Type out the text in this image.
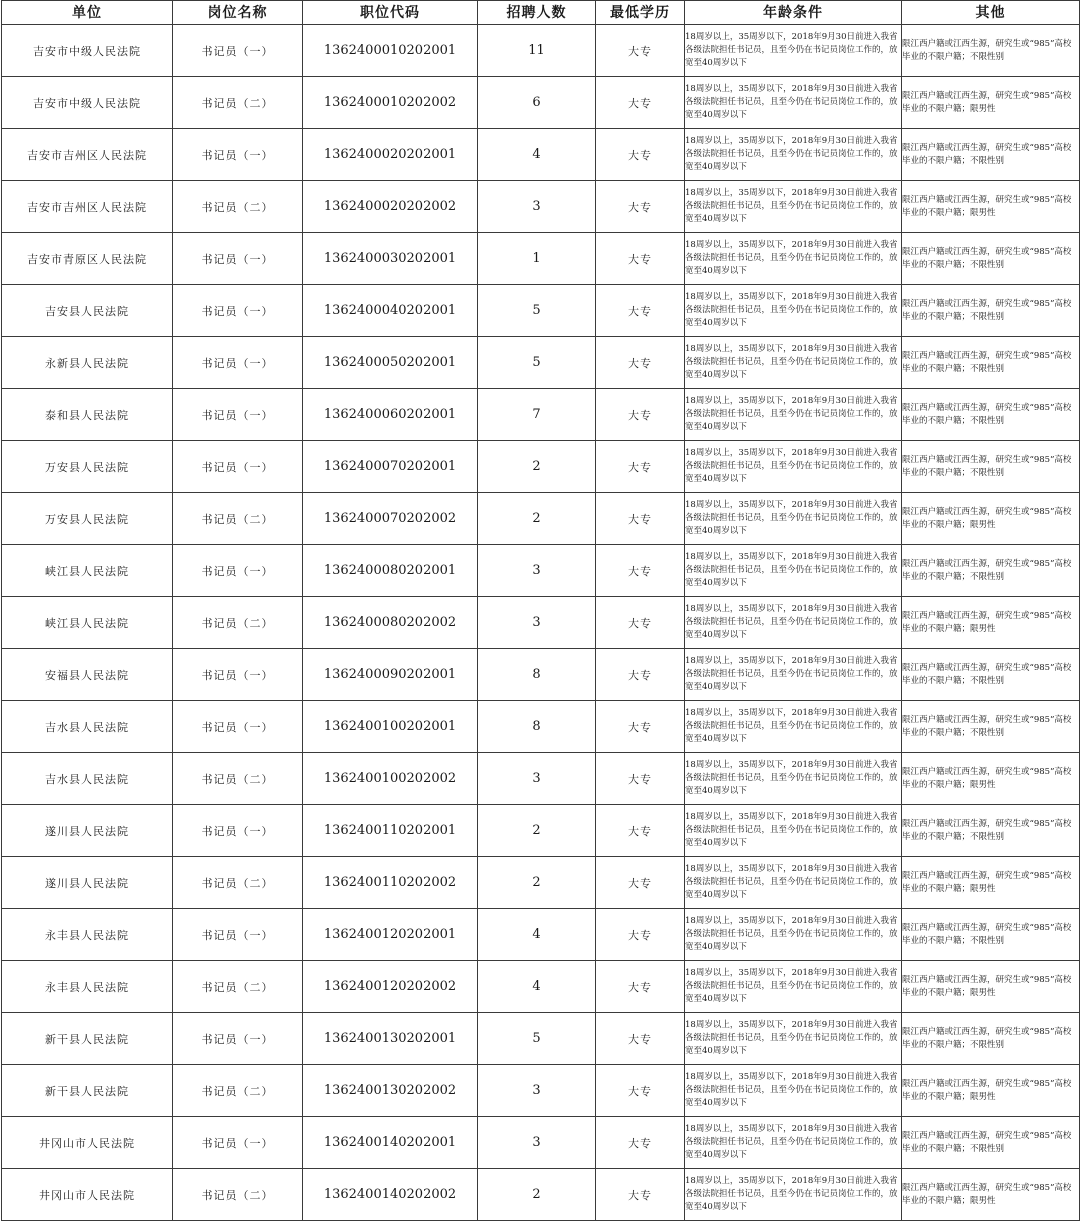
单位	岗位名称	职位代码	招聘人数	最低学历	年龄条件	其他
吉安市中级人民法院	书记员（一）	1362400010202001	11	大专	18周岁以上，35周岁以下，2018年9月30日前进入我省各级法院担任书记员，且至今仍在书记员岗位工作的，放宽至40周岁以下	限江西户籍或江西生源，研究生或“985”高校毕业的不限户籍；不限性别
吉安市中级人民法院	书记员（二）	1362400010202002	6	大专	18周岁以上，35周岁以下，2018年9月30日前进入我省各级法院担任书记员，且至今仍在书记员岗位工作的，放宽至40周岁以下	限江西户籍或江西生源，研究生或“985”高校毕业的不限户籍；限男性
吉安市吉州区人民法院	书记员（一）	1362400020202001	4	大专	18周岁以上，35周岁以下，2018年9月30日前进入我省各级法院担任书记员，且至今仍在书记员岗位工作的，放宽至40周岁以下	限江西户籍或江西生源，研究生或“985”高校毕业的不限户籍；不限性别
吉安市吉州区人民法院	书记员（二）	1362400020202002	3	大专	18周岁以上，35周岁以下，2018年9月30日前进入我省各级法院担任书记员，且至今仍在书记员岗位工作的，放宽至40周岁以下	限江西户籍或江西生源，研究生或“985”高校毕业的不限户籍；限男性
吉安市青原区人民法院	书记员（一）	1362400030202001	1	大专	18周岁以上，35周岁以下，2018年9月30日前进入我省各级法院担任书记员，且至今仍在书记员岗位工作的，放宽至40周岁以下	限江西户籍或江西生源，研究生或“985”高校毕业的不限户籍；不限性别
吉安县人民法院	书记员（一）	1362400040202001	5	大专	18周岁以上，35周岁以下，2018年9月30日前进入我省各级法院担任书记员，且至今仍在书记员岗位工作的，放宽至40周岁以下	限江西户籍或江西生源，研究生或“985”高校毕业的不限户籍；不限性别
永新县人民法院	书记员（一）	1362400050202001	5	大专	18周岁以上，35周岁以下，2018年9月30日前进入我省各级法院担任书记员，且至今仍在书记员岗位工作的，放宽至40周岁以下	限江西户籍或江西生源，研究生或“985”高校毕业的不限户籍；不限性别
泰和县人民法院	书记员（一）	1362400060202001	7	大专	18周岁以上，35周岁以下，2018年9月30日前进入我省各级法院担任书记员，且至今仍在书记员岗位工作的，放宽至40周岁以下	限江西户籍或江西生源，研究生或“985”高校毕业的不限户籍；不限性别
万安县人民法院	书记员（一）	1362400070202001	2	大专	18周岁以上，35周岁以下，2018年9月30日前进入我省各级法院担任书记员，且至今仍在书记员岗位工作的，放宽至40周岁以下	限江西户籍或江西生源，研究生或“985”高校毕业的不限户籍；不限性别
万安县人民法院	书记员（二）	1362400070202002	2	大专	18周岁以上，35周岁以下，2018年9月30日前进入我省各级法院担任书记员，且至今仍在书记员岗位工作的，放宽至40周岁以下	限江西户籍或江西生源，研究生或“985”高校毕业的不限户籍；限男性
峡江县人民法院	书记员（一）	1362400080202001	3	大专	18周岁以上，35周岁以下，2018年9月30日前进入我省各级法院担任书记员，且至今仍在书记员岗位工作的，放宽至40周岁以下	限江西户籍或江西生源，研究生或“985”高校毕业的不限户籍；不限性别
峡江县人民法院	书记员（二）	1362400080202002	3	大专	18周岁以上，35周岁以下，2018年9月30日前进入我省各级法院担任书记员，且至今仍在书记员岗位工作的，放宽至40周岁以下	限江西户籍或江西生源，研究生或“985”高校毕业的不限户籍；限男性
安福县人民法院	书记员（一）	1362400090202001	8	大专	18周岁以上，35周岁以下，2018年9月30日前进入我省各级法院担任书记员，且至今仍在书记员岗位工作的，放宽至40周岁以下	限江西户籍或江西生源，研究生或“985”高校毕业的不限户籍；不限性别
吉水县人民法院	书记员（一）	1362400100202001	8	大专	18周岁以上，35周岁以下，2018年9月30日前进入我省各级法院担任书记员，且至今仍在书记员岗位工作的，放宽至40周岁以下	限江西户籍或江西生源，研究生或“985”高校毕业的不限户籍；不限性别
吉水县人民法院	书记员（二）	1362400100202002	3	大专	18周岁以上，35周岁以下，2018年9月30日前进入我省各级法院担任书记员，且至今仍在书记员岗位工作的，放宽至40周岁以下	限江西户籍或江西生源，研究生或“985”高校毕业的不限户籍；限男性
遂川县人民法院	书记员（一）	1362400110202001	2	大专	18周岁以上，35周岁以下，2018年9月30日前进入我省各级法院担任书记员，且至今仍在书记员岗位工作的，放宽至40周岁以下	限江西户籍或江西生源，研究生或“985”高校毕业的不限户籍；不限性别
遂川县人民法院	书记员（二）	1362400110202002	2	大专	18周岁以上，35周岁以下，2018年9月30日前进入我省各级法院担任书记员，且至今仍在书记员岗位工作的，放宽至40周岁以下	限江西户籍或江西生源，研究生或“985”高校毕业的不限户籍；限男性
永丰县人民法院	书记员（一）	1362400120202001	4	大专	18周岁以上，35周岁以下，2018年9月30日前进入我省各级法院担任书记员，且至今仍在书记员岗位工作的，放宽至40周岁以下	限江西户籍或江西生源，研究生或“985”高校毕业的不限户籍；不限性别
永丰县人民法院	书记员（二）	1362400120202002	4	大专	18周岁以上，35周岁以下，2018年9月30日前进入我省各级法院担任书记员，且至今仍在书记员岗位工作的，放宽至40周岁以下	限江西户籍或江西生源，研究生或“985”高校毕业的不限户籍；限男性
新干县人民法院	书记员（一）	1362400130202001	5	大专	18周岁以上，35周岁以下，2018年9月30日前进入我省各级法院担任书记员，且至今仍在书记员岗位工作的，放宽至40周岁以下	限江西户籍或江西生源，研究生或“985”高校毕业的不限户籍；不限性别
新干县人民法院	书记员（二）	1362400130202002	3	大专	18周岁以上，35周岁以下，2018年9月30日前进入我省各级法院担任书记员，且至今仍在书记员岗位工作的，放宽至40周岁以下	限江西户籍或江西生源，研究生或“985”高校毕业的不限户籍；限男性
井冈山市人民法院	书记员（一）	1362400140202001	3	大专	18周岁以上，35周岁以下，2018年9月30日前进入我省各级法院担任书记员，且至今仍在书记员岗位工作的，放宽至40周岁以下	限江西户籍或江西生源，研究生或“985”高校毕业的不限户籍；不限性别
井冈山市人民法院	书记员（二）	1362400140202002	2	大专	18周岁以上，35周岁以下，2018年9月30日前进入我省各级法院担任书记员，且至今仍在书记员岗位工作的，放宽至40周岁以下	限江西户籍或江西生源，研究生或“985”高校毕业的不限户籍；限男性
